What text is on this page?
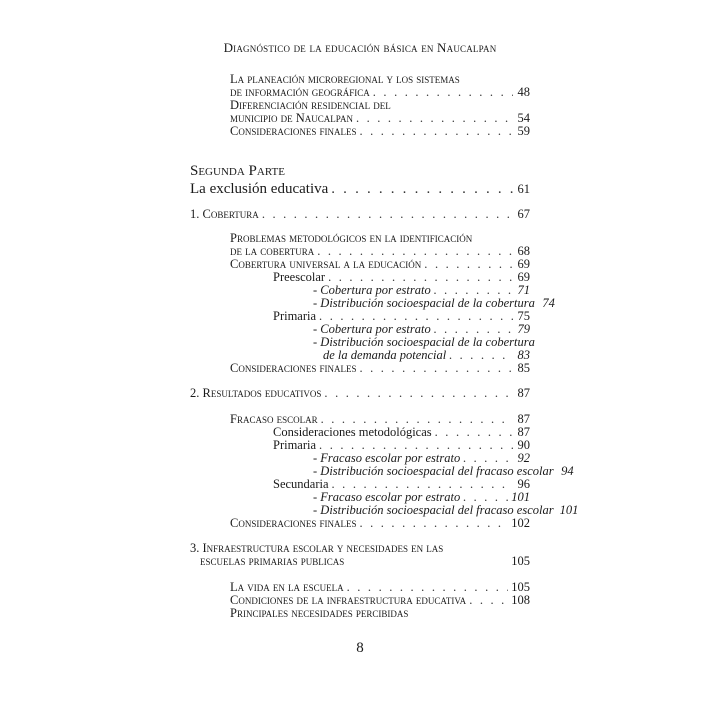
Diagnóstico de la educación básica en Naucalpan
La planeación microregional y los sistemas
de información geográfica . . .	48
Diferenciación residencial del
municipio de Naucalpan . . .	54
Consideraciones finales . . .	59
Segunda Parte
La exclusión educativa . . .	61
1. Cobertura . . .	67
Problemas metodológicos en la identificación
de la cobertura . . .	68
Cobertura universal a la educación . . .	69
Preescolar . . .	69
- Cobertura por estrato . . .	71
- Distribución socioespacial de la cobertura 74
Primaria . . .	75
- Cobertura por estrato . . .	79
- Distribución socioespacial de la cobertura
de la demanda potencial . . .	83
Consideraciones finales . . .	85
2. Resultados educativos . . .	87
Fracaso escolar . . .	87
Consideraciones metodológicas . . .	87
Primaria . . .	90
- Fracaso escolar por estrato . . .	92
- Distribución socioespacial del fracaso escolar 94
Secundaria . . .	96
- Fracaso escolar por estrato . . .	101
- Distribución socioespacial del fracaso escolar 101
Consideraciones finales . . .	102
3. Infraestructura escolar y necesidades en las
escuelas primarias publicas	105
La vida en la escuela . . .	105
Condiciones de la infraestructura educativa . . .	108
Principales necesidades percibidas
8
